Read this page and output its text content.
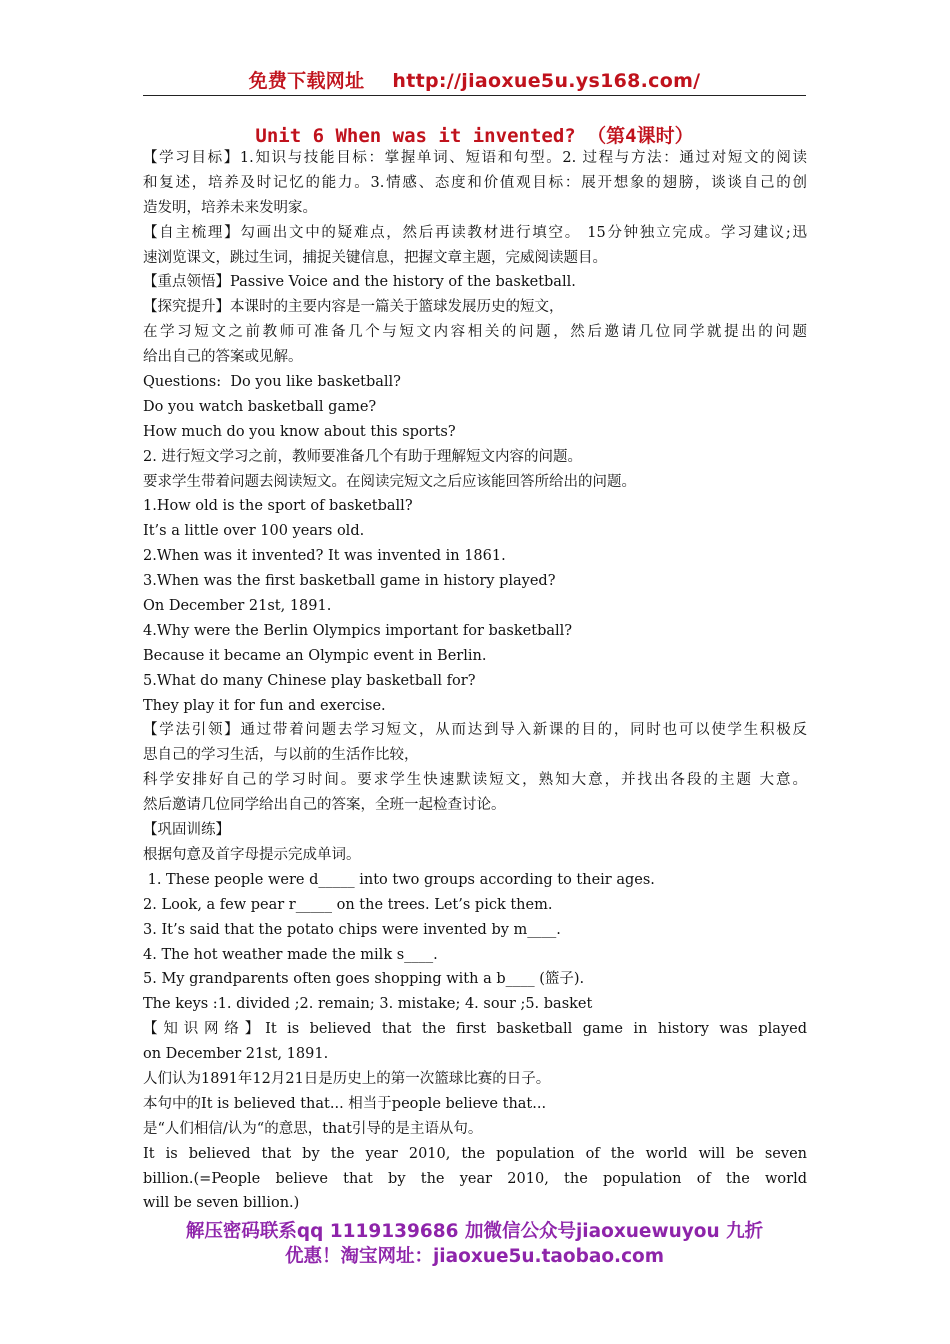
免费下载网址 http://jiaoxue5u.ys168.com/
Unit 6 When was it invented? （第4课时）
【学习目标】1.知识与技能目标：掌握单词、短语和句型。2. 过程与方法：通过对短文的阅读
和复述，培养及时记忆的能力。3.情感、态度和价值观目标：展开想象的翅膀，谈谈自己的创
造发明，培养未来发明家。
【自主梳理】勾画出文中的疑难点，然后再读教材进行填空。 15分钟独立完成。学习建议;迅
速浏览课文，跳过生词，捕捉关键信息，把握文章主题，完威阅读题目。
【重点领悟】Passive Voice and the history of the basketball.
【探究提升】本课时的主要内容是一篇关于篮球发展历史的短文，
在学习短文之前教师可准备几个与短文内容相关的问题，然后邀请几位同学就提出的问题
给出自己的答案或见解。
Questions:  Do you like basketball?
Do you watch basketball game?
How much do you know about this sports?
2. 进行短文学习之前，教师要准备几个有助于理解短文内容的问题。
要求学生带着问题去阅读短文。在阅读完短文之后应该能回答所给出的问题。
1.How old is the sport of basketball?
It’s a little over 100 years old.
2.When was it invented? It was invented in 1861.
3.When was the first basketball game in history played?
On December 21st, 1891.
4.Why were the Berlin Olympics important for basketball?
Because it became an Olympic event in Berlin.
5.What do many Chinese play basketball for?
They play it for fun and exercise.
【学法引领】通过带着问题去学习短文，从而达到导入新课的目的，同时也可以使学生积极反
思自己的学习生活，与以前的生活作比较，
科学安排好自己的学习时间。要求学生快速默读短文，熟知大意，并找出各段的主题 大意。
然后邀请几位同学给出自己的答案，全班一起检查讨论。
【巩固训练】
根据句意及首字母提示完成单词。
1. These people were d_____ into two groups according to their ages.
2. Look, a few pear r_____ on the trees. Let’s pick them.
3. It’s said that the potato chips were invented by m____.
4. The hot weather made the milk s____.
5. My grandparents often goes shopping with a b____ (篮子).
The keys :1. divided ;2. remain; 3. mistake; 4. sour ;5. basket
【知识网络】It is believed that the first basketball game in history was played
on December 21st, 1891.
人们认为1891年12月21日是历史上的第一次篮球比赛的日子。
本句中的It is believed that... 相当于people believe that...
是“人们相信/认为“的意思，that引导的是主语从句。
It is believed that by the year 2010, the population of the world will be seven
billion.(=People believe that by the year 2010, the population of the world
will be seven billion.)
解压密码联系qq 1119139686 加微信公众号jiaoxuewuyou 九折
优惠！淘宝网址：jiaoxue5u.taobao.com
